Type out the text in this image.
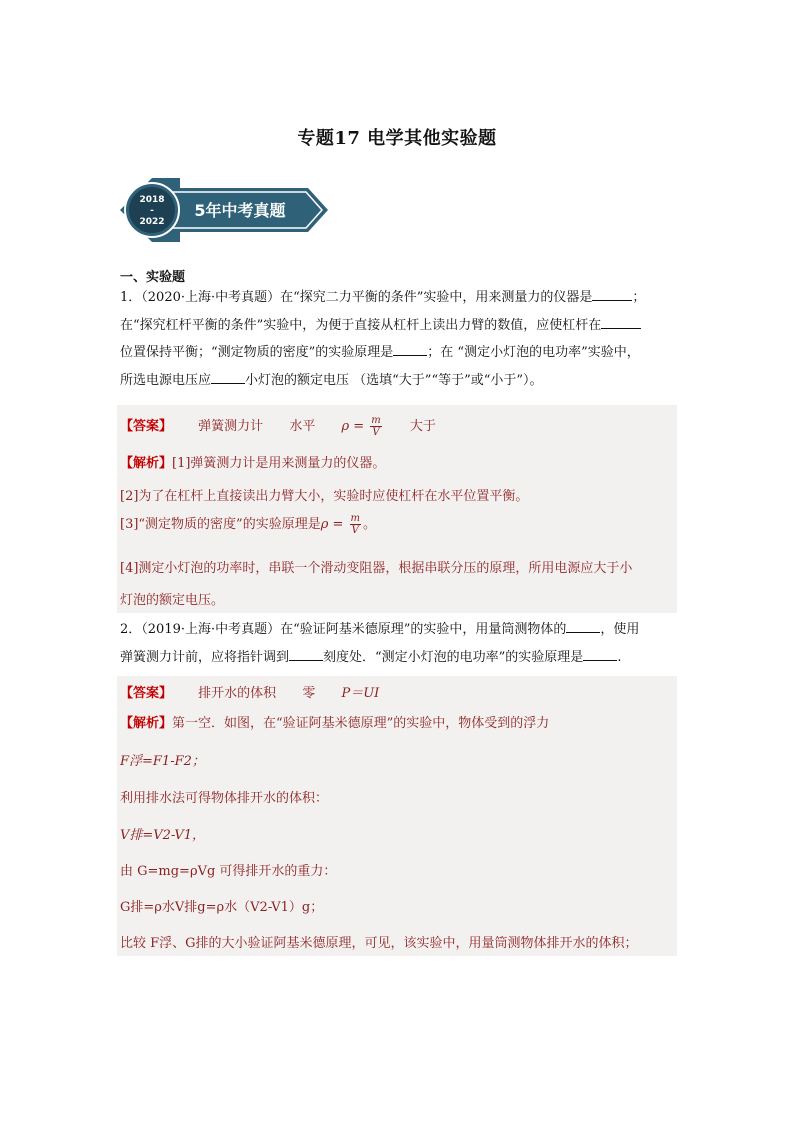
专题17 电学其他实验题
2018
-
2022
5年中考真题
一、实验题
1．（2020·上海·中考真题）在“探究二力平衡的条件”实验中，用来测量力的仪器是	；
在“探究杠杆平衡的条件”实验中，为便于直接从杠杆上读出力臂的数值，应使杠杆在
位置保持平衡；“测定物质的密度”的实验原理是	；在 “测定小灯泡的电功率”实验中，
所选电源电压应	小灯泡的额定电压 （选填“大于”“等于”或“小于”）。
【答案】 弹簧测力计 水平 $\rho = \frac{m}{V}$ 大于
【解析】[1]弹簧测力计是用来测量力的仪器。
[2]为了在杠杆上直接读出力臂大小，实验时应使杠杆在水平位置平衡。
[3]“测定物质的密度”的实验原理是$\rho = \frac{m}{V}$ 。
[4]测定小灯泡的功率时，串联一个滑动变阻器，根据串联分压的原理，所用电源应大于小
灯泡的额定电压。
2．（2019·上海·中考真题）在“验证阿基米德原理”的实验中，用量筒测物体的	，使用
弹簧测力计前，应将指针调到	刻度处．“测定小灯泡的电功率”的实验原理是	.
【答案】 排开水的体积 零 P＝UI
【解析】第一空．如图，在“验证阿基米德原理”的实验中，物体受到的浮力
F浮=F1-F2；
利用排水法可得物体排开水的体积：
V排=V2-V1，
由 G=mg=ρVg 可得排开水的重力：
G排=ρ水V排g=ρ水（V2-V1）g；
比较 F浮、G排的大小验证阿基米德原理，可见，该实验中，用量筒测物体排开水的体积；
